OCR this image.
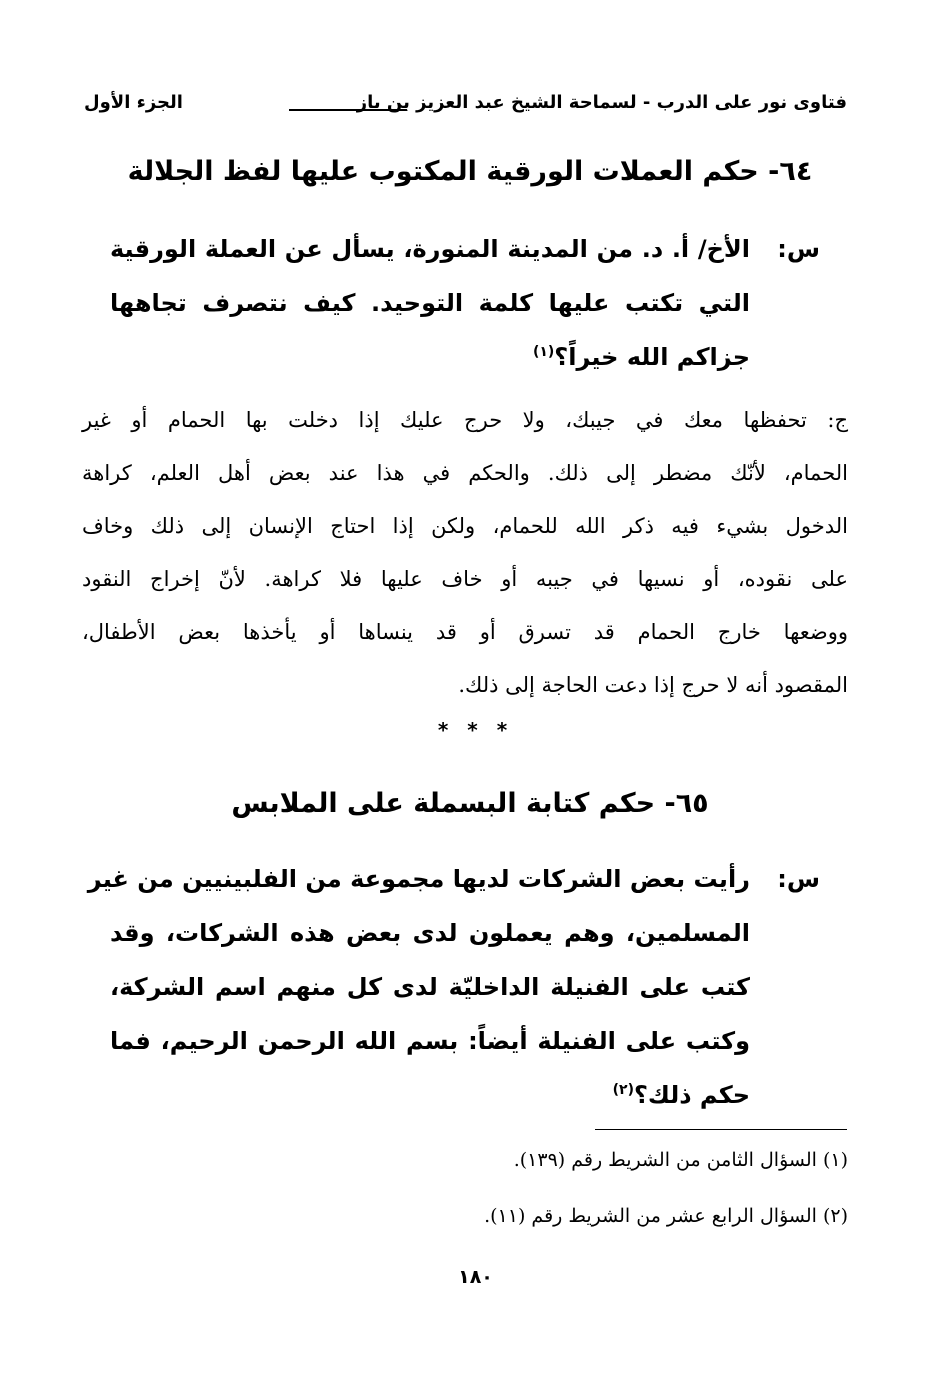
فتاوى نور على الدرب - لسماحة الشيخ عبد العزيز بن باز
الجزء الأول
٦٤- حكم العملات الورقية المكتوب عليها لفظ الجلالة
س:
الأخ/ أ. د. من المدينة المنورة، يسأل عن العملة الورقية
التي تكتب عليها كلمة التوحيد. كيف نتصرف تجاهها
جزاكم الله خيراً؟$^{(١)}$
ج: تحفظها معك في جيبك، ولا حرج عليك إذا دخلت بها الحمام أو غير
الحمام، لأنّك مضطر إلى ذلك. والحكم في هذا عند بعض أهل العلم، كراهة
الدخول بشيء فيه ذكر الله للحمام، ولكن إذا احتاج الإنسان إلى ذلك وخاف
على نقوده، أو نسيها في جيبه أو خاف عليها فلا كراهة. لأنّ إخراج النقود
ووضعها خارج الحمام قد تسرق أو قد ينساها أو يأخذها بعض الأطفال،
المقصود أنه لا حرج إذا دعت الحاجة إلى ذلك.
* * *
٦٥- حكم كتابة البسملة على الملابس
س:
رأيت بعض الشركات لديها مجموعة من الفلبينيين من غير
المسلمين، وهم يعملون لدى بعض هذه الشركات، وقد
كتب على الفنيلة الداخليّة لدى كل منهم اسم الشركة،
وكتب على الفنيلة أيضاً: بسم الله الرحمن الرحيم، فما
حكم ذلك؟$^{(٢)}$
(١) السؤال الثامن من الشريط رقم (١٣٩).
(٢) السؤال الرابع عشر من الشريط رقم (١١).
١٨٠
